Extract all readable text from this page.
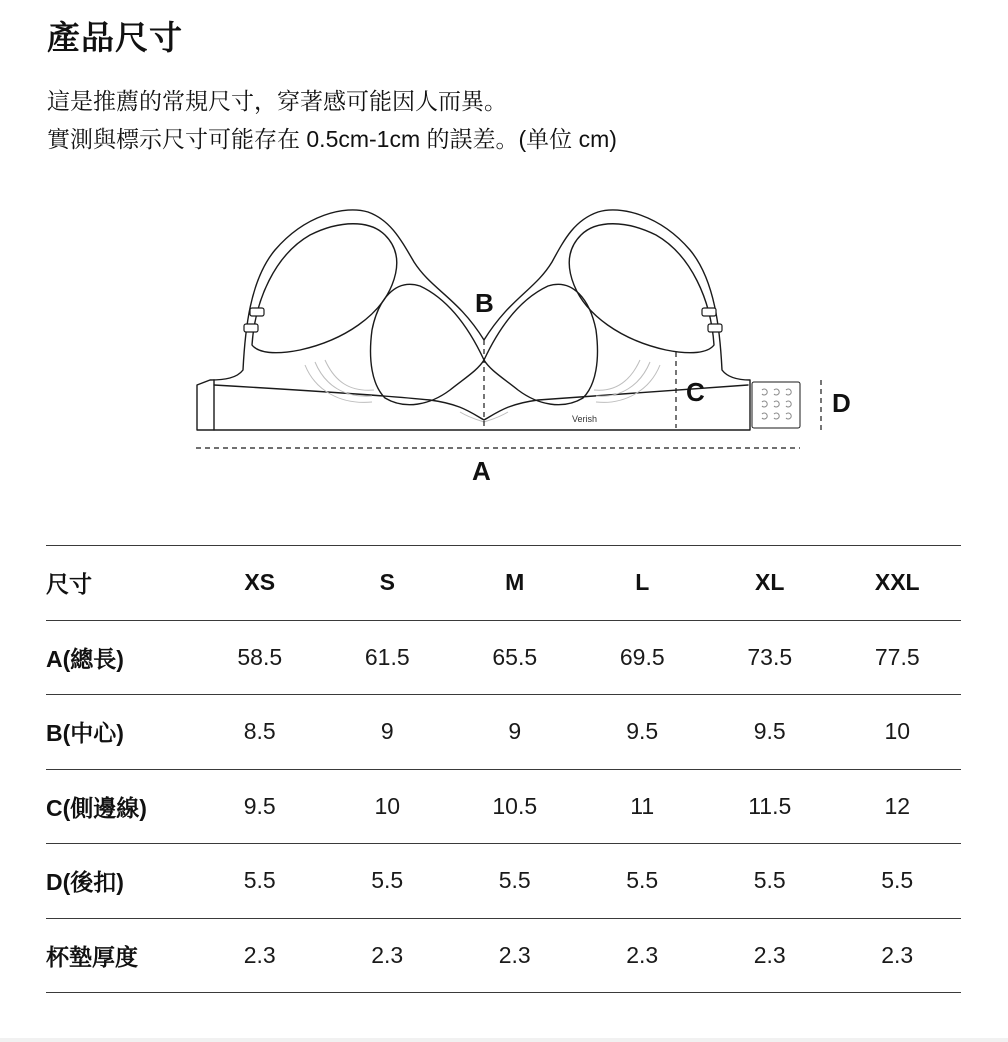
產品尺寸

這是推薦的常規尺寸，穿著感可能因人而異。

實測與標示尺寸可能存在 0.5cm-1cm 的誤差。(单位 cm)

Verish
B
C	D
A
尺寸	XS	S	M	L	XL	XXL
A(總長)	58.5	61.5	65.5	69.5	73.5	77.5
B(中心)	8.5	9	9	9.5	9.5	10
C(側邊線)	9.5	10	10.5	11	11.5	12
D(後扣)	5.5	5.5	5.5	5.5	5.5	5.5
杯墊厚度	2.3	2.3	2.3	2.3	2.3	2.3
